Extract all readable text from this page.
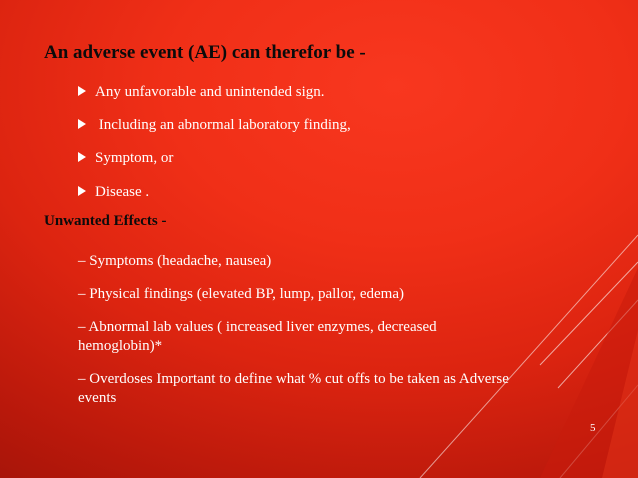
An adverse event (AE) can therefor be -
Any unfavorable and unintended sign.
Including an abnormal laboratory finding,
Symptom, or
Disease .
Unwanted Effects -
– Symptoms (headache, nausea)
– Physical findings (elevated BP, lump, pallor, edema)
– Abnormal lab values ( increased liver enzymes, decreased hemoglobin)*
– Overdoses Important to define what % cut offs to be taken as Adverse events
5
